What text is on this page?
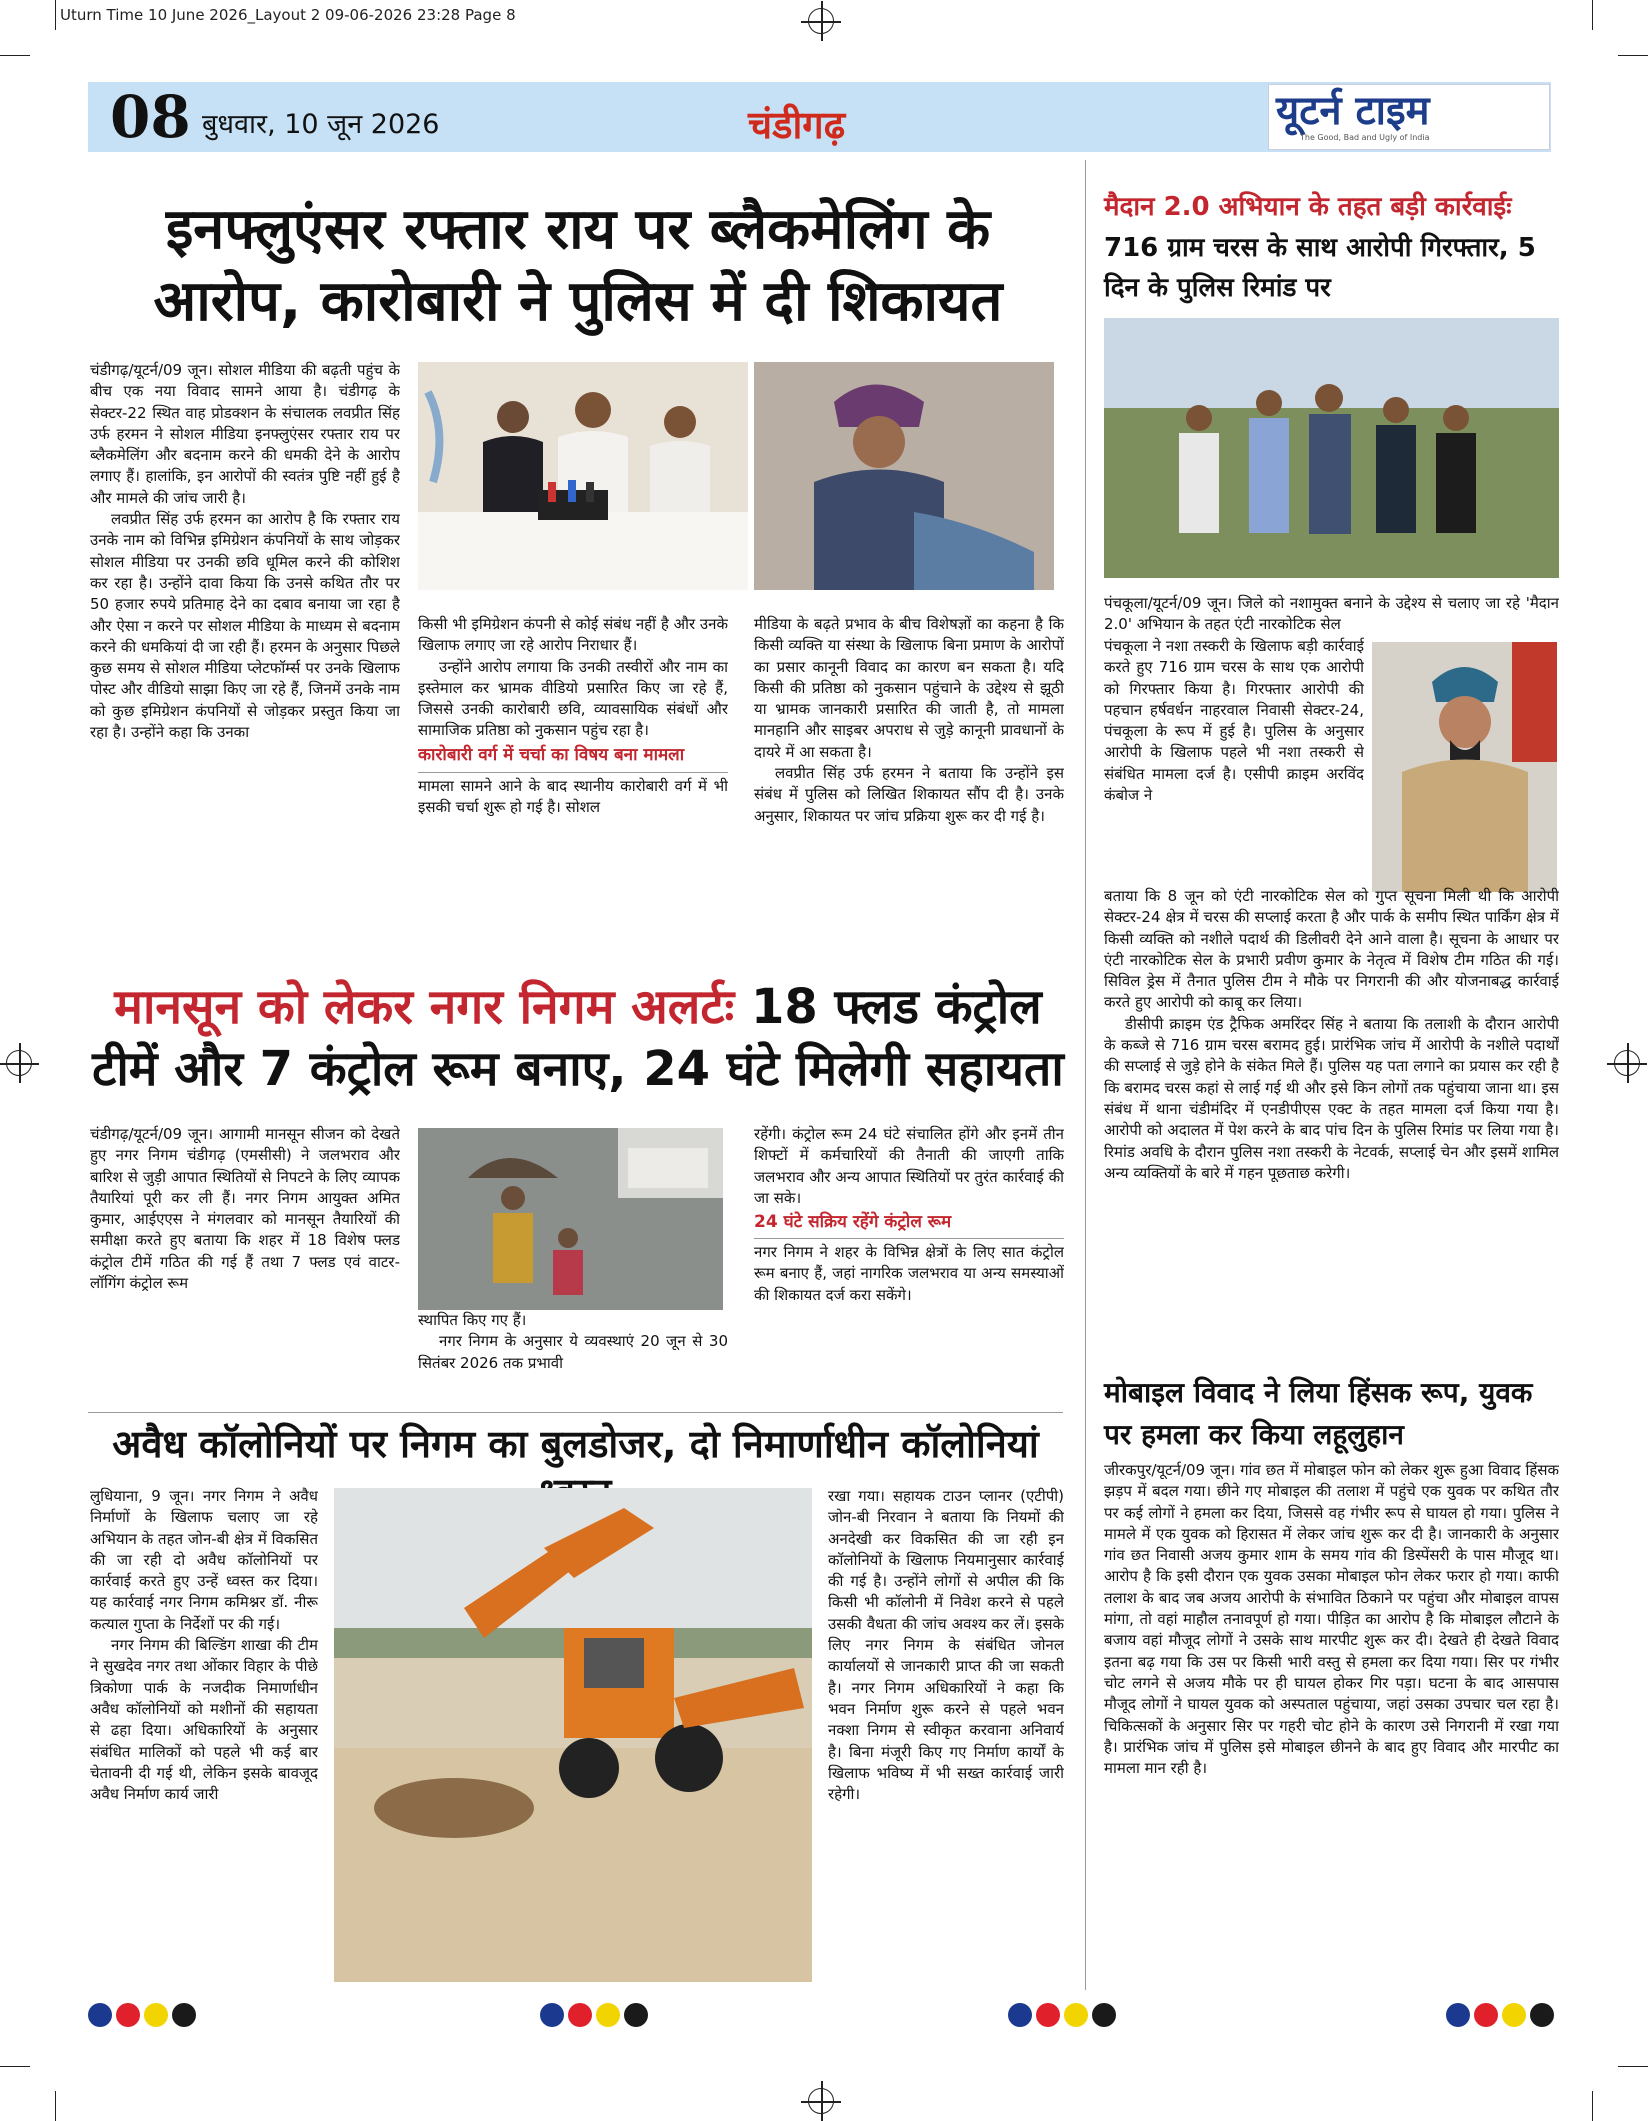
Uturn Time 10 June 2026_Layout 2 09-06-2026 23:28 Page 8
08 बुधवार, 10 जून 2026	चंडीगढ़	यूटर्न टाइम
The Good, Bad and Ugly of India
इनफ्लुएंसर रफ्तार राय पर ब्लैकमेलिंग के
आरोप, कारोबारी ने पुलिस में दी शिकायत

चंडीगढ़/यूटर्न/09 जून। सोशल मीडिया की बढ़ती पहुंच के बीच एक नया विवाद सामने आया है। चंडीगढ़ के सेक्टर-22 स्थित वाह प्रोडक्शन के संचालक लवप्रीत सिंह उर्फ हरमन ने सोशल मीडिया इनफ्लुएंसर रफ्तार राय पर ब्लैकमेलिंग और बदनाम करने की धमकी देने के आरोप लगाए हैं। हालांकि, इन आरोपों की स्वतंत्र पुष्टि नहीं हुई है और मामले की जांच जारी है।

लवप्रीत सिंह उर्फ हरमन का आरोप है कि रफ्तार राय उनके नाम को विभिन्न इमिग्रेशन कंपनियों के साथ जोड़कर सोशल मीडिया पर उनकी छवि धूमिल करने की कोशिश कर रहा है। उन्होंने दावा किया कि उनसे कथित तौर पर 50 हजार रुपये प्रतिमाह देने का दबाव बनाया जा रहा है और ऐसा न करने पर सोशल मीडिया के माध्यम से बदनाम करने की धमकियां दी जा रही हैं। हरमन के अनुसार पिछले कुछ समय से सोशल मीडिया प्लेटफॉर्म्स पर उनके खिलाफ पोस्ट और वीडियो साझा किए जा रहे हैं, जिनमें उनके नाम को कुछ इमिग्रेशन कंपनियों से जोड़कर प्रस्तुत किया जा रहा है। उन्होंने कहा कि उनका

किसी भी इमिग्रेशन कंपनी से कोई संबंध नहीं है और उनके खिलाफ लगाए जा रहे आरोप निराधार हैं।

उन्होंने आरोप लगाया कि उनकी तस्वीरों और नाम का इस्तेमाल कर भ्रामक वीडियो प्रसारित किए जा रहे हैं, जिससे उनकी कारोबारी छवि, व्यावसायिक संबंधों और सामाजिक प्रतिष्ठा को नुकसान पहुंच रहा है।

कारोबारी वर्ग में चर्चा का विषय बना मामला

मामला सामने आने के बाद स्थानीय कारोबारी वर्ग में भी इसकी चर्चा शुरू हो गई है। सोशल

मीडिया के बढ़ते प्रभाव के बीच विशेषज्ञों का कहना है कि किसी व्यक्ति या संस्था के खिलाफ बिना प्रमाण के आरोपों का प्रसार कानूनी विवाद का कारण बन सकता है। यदि किसी की प्रतिष्ठा को नुकसान पहुंचाने के उद्देश्य से झूठी या भ्रामक जानकारी प्रसारित की जाती है, तो मामला मानहानि और साइबर अपराध से जुड़े कानूनी प्रावधानों के दायरे में आ सकता है।

लवप्रीत सिंह उर्फ हरमन ने बताया कि उन्होंने इस संबंध में पुलिस को लिखित शिकायत सौंप दी है। उनके अनुसार, शिकायत पर जांच प्रक्रिया शुरू कर दी गई है।

मानसून को लेकर नगर निगम अलर्टः 18 फ्लड कंट्रोल
टीमें और 7 कंट्रोल रूम बनाए, 24 घंटे मिलेगी सहायता

चंडीगढ़/यूटर्न/09 जून। आगामी मानसून सीजन को देखते हुए नगर निगम चंडीगढ़ (एमसीसी) ने जलभराव और बारिश से जुड़ी आपात स्थितियों से निपटने के लिए व्यापक तैयारियां पूरी कर ली हैं। नगर निगम आयुक्त अमित कुमार, आईएएस ने मंगलवार को मानसून तैयारियों की समीक्षा करते हुए बताया कि शहर में 18 विशेष फ्लड कंट्रोल टीमें गठित की गई हैं तथा 7 फ्लड एवं वाटर-लॉगिंग कंट्रोल रूम

स्थापित किए गए हैं।

नगर निगम के अनुसार ये व्यवस्थाएं 20 जून से 30 सितंबर 2026 तक प्रभावी

रहेंगी। कंट्रोल रूम 24 घंटे संचालित होंगे और इनमें तीन शिफ्टों में कर्मचारियों की तैनाती की जाएगी ताकि जलभराव और अन्य आपात स्थितियों पर तुरंत कार्रवाई की जा सके।

24 घंटे सक्रिय रहेंगे कंट्रोल रूम

नगर निगम ने शहर के विभिन्न क्षेत्रों के लिए सात कंट्रोल रूम बनाए हैं, जहां नागरिक जलभराव या अन्य समस्याओं की शिकायत दर्ज करा सकेंगे।

अवैध कॉलोनियों पर निगम का बुलडोजर, दो निमार्णाधीन कॉलोनियां

लुधियाना, 9 जून। नगर निगम ने अवैध निर्माणों के खिलाफ चलाए जा रहे अभियान के तहत जोन-बी क्षेत्र में विकसित की जा रही दो अवैध कॉलोनियों पर कार्रवाई करते हुए उन्हें ध्वस्त कर दिया। यह कार्रवाई नगर निगम कमिश्नर डॉ. नीरू कत्याल गुप्ता के निर्देशों पर की गई।

नगर निगम की बिल्डिंग शाखा की टीम ने सुखदेव नगर तथा ओंकार विहार के पीछे त्रिकोणा पार्क के नजदीक निमार्णाधीन अवैध कॉलोनियों को मशीनों की सहायता से ढहा दिया। अधिकारियों के अनुसार संबंधित मालिकों को पहले भी कई बार चेतावनी दी गई थी, लेकिन इसके बावजूद अवैध निर्माण कार्य जारी

रखा गया। सहायक टाउन प्लानर (एटीपी) जोन-बी निरवान ने बताया कि नियमों की अनदेखी कर विकसित की जा रही इन कॉलोनियों के खिलाफ नियमानुसार कार्रवाई की गई है। उन्होंने लोगों से अपील की कि किसी भी कॉलोनी में निवेश करने से पहले उसकी वैधता की जांच अवश्य कर लें। इसके लिए नगर निगम के संबंधित जोनल कार्यालयों से जानकारी प्राप्त की जा सकती है। नगर निगम अधिकारियों ने कहा कि भवन निर्माण शुरू करने से पहले भवन नक्शा निगम से स्वीकृत करवाना अनिवार्य है। बिना मंजूरी किए गए निर्माण कार्यों के खिलाफ भविष्य में भी सख्त कार्रवाई जारी रहेगी।

मैदान 2.0 अभियान के तहत बड़ी कार्रवाईः
716 ग्राम चरस के साथ आरोपी गिरफ्तार, 5 दिन के पुलिस रिमांड पर

पंचकूला/यूटर्न/09 जून। जिले को नशामुक्त बनाने के उद्देश्य से चलाए जा रहे 'मैदान 2.0' अभियान के तहत एंटी नारकोटिक सेल

पंचकूला ने नशा तस्करी के खिलाफ बड़ी कार्रवाई करते हुए 716 ग्राम चरस के साथ एक आरोपी को गिरफ्तार किया है। गिरफ्तार आरोपी की पहचान हर्षवर्धन नाहरवाल निवासी सेक्टर-24, पंचकूला के रूप में हुई है। पुलिस के अनुसार आरोपी के खिलाफ पहले भी नशा तस्करी से संबंधित मामला दर्ज है। एसीपी क्राइम अरविंद कंबोज ने

बताया कि 8 जून को एंटी नारकोटिक सेल को गुप्त सूचना मिली थी कि आरोपी सेक्टर-24 क्षेत्र में चरस की सप्लाई करता है और पार्क के समीप स्थित पार्किंग क्षेत्र में किसी व्यक्ति को नशीले पदार्थ की डिलीवरी देने आने वाला है। सूचना के आधार पर एंटी नारकोटिक सेल के प्रभारी प्रवीण कुमार के नेतृत्व में विशेष टीम गठित की गई। सिविल ड्रेस में तैनात पुलिस टीम ने मौके पर निगरानी की और योजनाबद्ध कार्रवाई करते हुए आरोपी को काबू कर लिया।

डीसीपी क्राइम एंड ट्रैफिक अमरिंदर सिंह ने बताया कि तलाशी के दौरान आरोपी के कब्जे से 716 ग्राम चरस बरामद हुई। प्रारंभिक जांच में आरोपी के नशीले पदार्थों की सप्लाई से जुड़े होने के संकेत मिले हैं। पुलिस यह पता लगाने का प्रयास कर रही है कि बरामद चरस कहां से लाई गई थी और इसे किन लोगों तक पहुंचाया जाना था। इस संबंध में थाना चंडीमंदिर में एनडीपीएस एक्ट के तहत मामला दर्ज किया गया है। आरोपी को अदालत में पेश करने के बाद पांच दिन के पुलिस रिमांड पर लिया गया है। रिमांड अवधि के दौरान पुलिस नशा तस्करी के नेटवर्क, सप्लाई चेन और इसमें शामिल अन्य व्यक्तियों के बारे में गहन पूछताछ करेगी।

मोबाइल विवाद ने लिया हिंसक रूप, युवक पर हमला कर किया लहूलुहान

जीरकपुर/यूटर्न/09 जून। गांव छत में मोबाइल फोन को लेकर शुरू हुआ विवाद हिंसक झड़प में बदल गया। छीने गए मोबाइल की तलाश में पहुंचे एक युवक पर कथित तौर पर कई लोगों ने हमला कर दिया, जिससे वह गंभीर रूप से घायल हो गया। पुलिस ने मामले में एक युवक को हिरासत में लेकर जांच शुरू कर दी है। जानकारी के अनुसार गांव छत निवासी अजय कुमार शाम के समय गांव की डिस्पेंसरी के पास मौजूद था। आरोप है कि इसी दौरान एक युवक उसका मोबाइल फोन लेकर फरार हो गया। काफी तलाश के बाद जब अजय आरोपी के संभावित ठिकाने पर पहुंचा और मोबाइल वापस मांगा, तो वहां माहौल तनावपूर्ण हो गया। पीड़ित का आरोप है कि मोबाइल लौटाने के बजाय वहां मौजूद लोगों ने उसके साथ मारपीट शुरू कर दी। देखते ही देखते विवाद इतना बढ़ गया कि उस पर किसी भारी वस्तु से हमला कर दिया गया। सिर पर गंभीर चोट लगने से अजय मौके पर ही घायल होकर गिर पड़ा। घटना के बाद आसपास मौजूद लोगों ने घायल युवक को अस्पताल पहुंचाया, जहां उसका उपचार चल रहा है। चिकित्सकों के अनुसार सिर पर गहरी चोट होने के कारण उसे निगरानी में रखा गया है। प्रारंभिक जांच में पुलिस इसे मोबाइल छीनने के बाद हुए विवाद और मारपीट का मामला मान रही है।
